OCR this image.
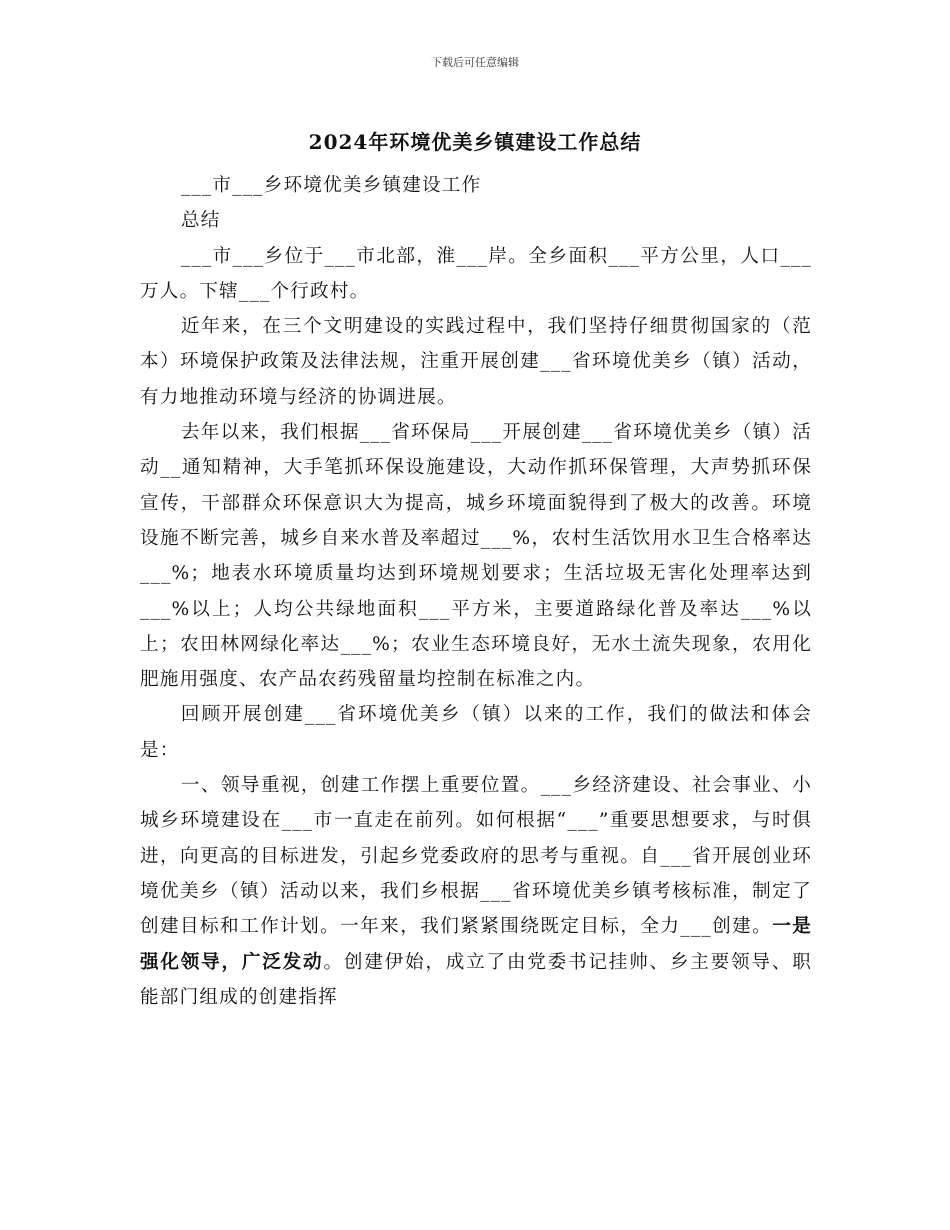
下载后可任意编辑
2024年环境优美乡镇建设工作总结

___市___乡环境优美乡镇建设工作

总结

___市___乡位于___市北部，淮___岸。全乡面积___平方公里，人口___万人。下辖___个行政村。

近年来，在三个文明建设的实践过程中，我们坚持仔细贯彻国家的（范本）环境保护政策及法律法规，注重开展创建___省环境优美乡（镇）活动，有力地推动环境与经济的协调进展。

去年以来，我们根据___省环保局___开展创建___省环境优美乡（镇）活动__通知精神，大手笔抓环保设施建设，大动作抓环保管理，大声势抓环保宣传，干部群众环保意识大为提高，城乡环境面貌得到了极大的改善。环境设施不断完善，城乡自来水普及率超过___%，农村生活饮用水卫生合格率达___%；地表水环境质量均达到环境规划要求；生活垃圾无害化处理率达到___%以上；人均公共绿地面积___平方米，主要道路绿化普及率达___%以上；农田林网绿化率达___%；农业生态环境良好，无水土流失现象，农用化肥施用强度、农产品农药残留量均控制在标准之内。

回顾开展创建___省环境优美乡（镇）以来的工作，我们的做法和体会是：

一、领导重视，创建工作摆上重要位置。___乡经济建设、社会事业、小城乡环境建设在___市一直走在前列。如何根据“___”重要思想要求，与时俱进，向更高的目标进发，引起乡党委政府的思考与重视。自___省开展创业环境优美乡（镇）活动以来，我们乡根据___省环境优美乡镇考核标准，制定了创建目标和工作计划。一年来，我们紧紧围绕既定目标，全力___创建。一是强化领导，广泛发动。创建伊始，成立了由党委书记挂帅、乡主要领导、职能部门组成的创建指挥
